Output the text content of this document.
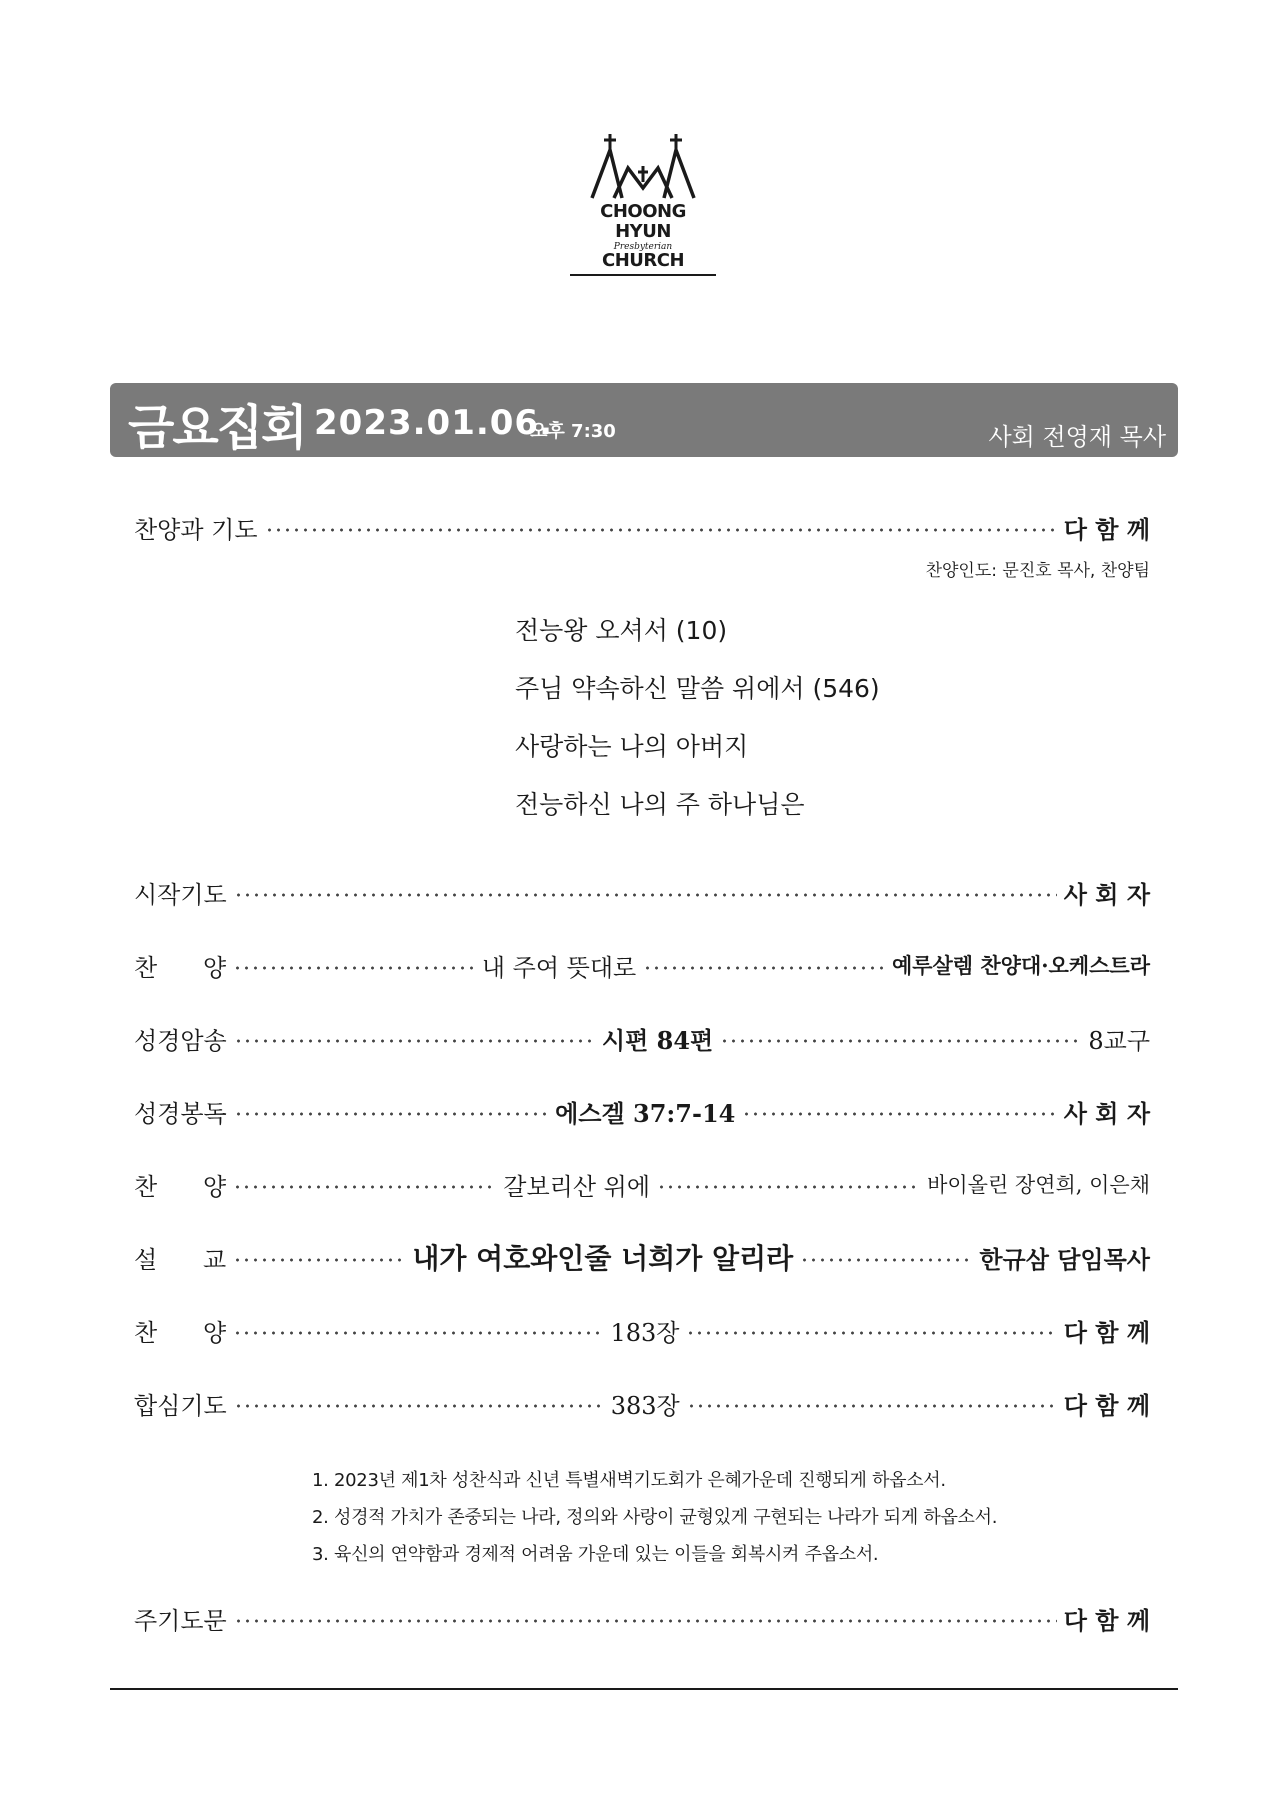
CHOONG HYUN
Presbyterian
CHURCH
금요집회 2023.01.06.
오후 7:30	사회 전영재 목사
찬양과 기도	다 함 께
찬양인도: 문진호 목사, 찬양팀
전능왕 오셔서 (10)
주님 약속하신 말씀 위에서 (546)
사랑하는 나의 아버지
전능하신 나의 주 하나님은
시작기도	사 회 자
찬      양	내 주여 뜻대로	예루살렘 찬양대·오케스트라
성경암송	시편 84편	8교구
성경봉독	에스겔 37:7-14	사 회 자
찬      양	갈보리산 위에	바이올린 장연희, 이은채
설      교	내가 여호와인줄 너희가 알리라	한규삼 담임목사
찬      양	183장	다 함 께
합심기도	383장	다 함 께
1. 2023년 제1차 성찬식과 신년 특별새벽기도회가 은혜가운데 진행되게 하옵소서.
2. 성경적 가치가 존중되는 나라, 정의와 사랑이 균형있게 구현되는 나라가 되게 하옵소서.
3. 육신의 연약함과 경제적 어려움 가운데 있는 이들을 회복시켜 주옵소서.
주기도문	다 함 께
